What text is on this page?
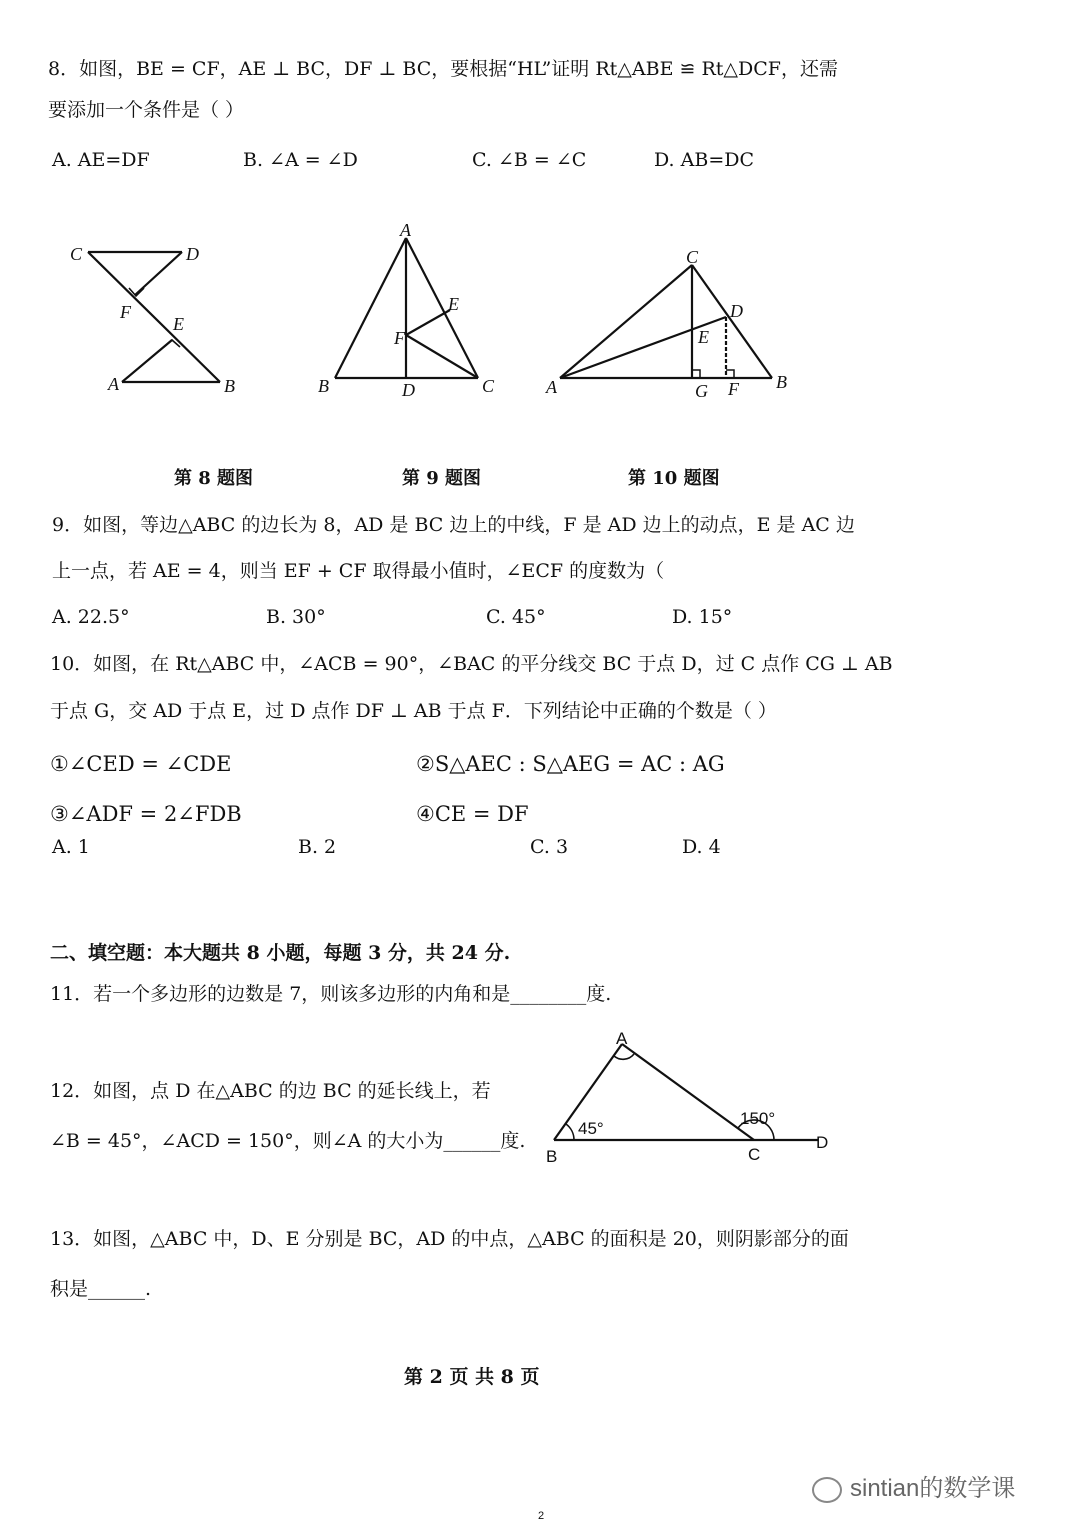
8．如图，BE = CF，AE ⊥ BC，DF ⊥ BC，要根据“HL”证明 Rt△ABE ≌ Rt△DCF，还需
要添加一个条件是（ ）
A. AE=DF	B. ∠A = ∠D	C. ∠B = ∠C	D. AB=DC
C	D
F
E
A	B
A
E
F
B	D	C
C
D
E
A	G F B
第 8 题图	第 9 题图	第 10 题图
9．如图，等边△ABC 的边长为 8，AD 是 BC 边上的中线，F 是 AD 边上的动点，E 是 AC 边
上一点，若 AE = 4，则当 EF + CF 取得最小值时，∠ECF 的度数为（
A. 22.5°	B. 30°	C. 45°	D. 15°
10．如图，在 Rt△ABC 中，∠ACB = 90°，∠BAC 的平分线交 BC 于点 D，过 C 点作 CG ⊥ AB
于点 G，交 AD 于点 E，过 D 点作 DF ⊥ AB 于点 F．下列结论中正确的个数是（ ）
①∠CED = ∠CDE	②S△AEC : S△AEG = AC : AG
③∠ADF = 2∠FDB	④CE = DF
A. 1	B. 2	C. 3	D. 4
二、填空题：本大题共 8 小题，每题 3 分，共 24 分.
11．若一个多边形的边数是 7，则该多边形的内角和是________度.
12．如图，点 D 在△ABC 的边 BC 的延长线上，若
∠B = 45°，∠ACD = 150°，则∠A 的大小为______度.
A
B	C
D
45°
150°
13．如图，△ABC 中，D、E 分别是 BC，AD 的中点，△ABC 的面积是 20，则阴影部分的面
积是______.
第 2 页 共 8 页
sintian的数学课
2
